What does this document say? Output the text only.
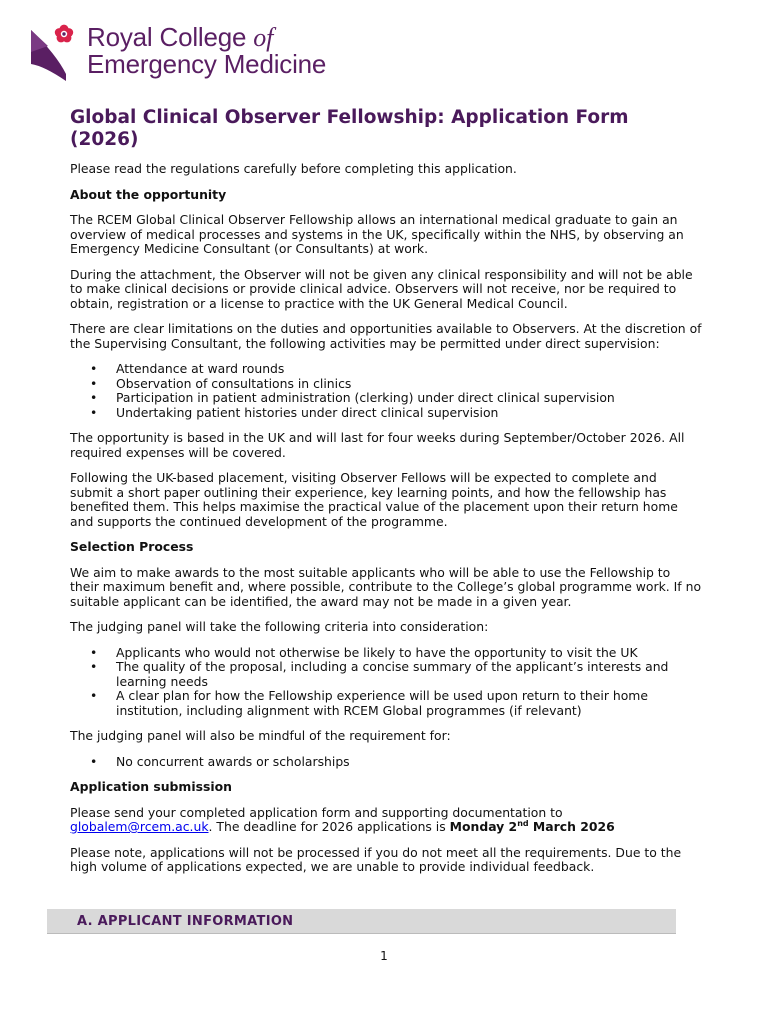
Royal College of
Emergency Medicine
Global Clinical Observer Fellowship: Application Form (2026)

Please read the regulations carefully before completing this application.

About the opportunity

The RCEM Global Clinical Observer Fellowship allows an international medical graduate to gain an overview of medical processes and systems in the UK, specifically within the NHS, by observing an Emergency Medicine Consultant (or Consultants) at work.

During the attachment, the Observer will not be given any clinical responsibility and will not be able to make clinical decisions or provide clinical advice. Observers will not receive, nor be required to obtain, registration or a license to practice with the UK General Medical Council.

There are clear limitations on the duties and opportunities available to Observers. At the discretion of the Supervising Consultant, the following activities may be permitted under direct supervision:

• Attendance at ward rounds
• Observation of consultations in clinics
• Participation in patient administration (clerking) under direct clinical supervision
• Undertaking patient histories under direct clinical supervision

The opportunity is based in the UK and will last for four weeks during September/October 2026. All required expenses will be covered.

Following the UK-based placement, visiting Observer Fellows will be expected to complete and submit a short paper outlining their experience, key learning points, and how the fellowship has benefited them. This helps maximise the practical value of the placement upon their return home and supports the continued development of the programme.

Selection Process

We aim to make awards to the most suitable applicants who will be able to use the Fellowship to their maximum benefit and, where possible, contribute to the College’s global programme work. If no suitable applicant can be identified, the award may not be made in a given year.

The judging panel will take the following criteria into consideration:

• Applicants who would not otherwise be likely to have the opportunity to visit the UK
• The quality of the proposal, including a concise summary of the applicant’s interests and learning needs
• A clear plan for how the Fellowship experience will be used upon return to their home institution, including alignment with RCEM Global programmes (if relevant)

The judging panel will also be mindful of the requirement for:

• No concurrent awards or scholarships

Application submission

Please send your completed application form and supporting documentation to globalem@rcem.ac.uk. The deadline for 2026 applications is Monday 2nd March 2026

Please note, applications will not be processed if you do not meet all the requirements. Due to the high volume of applications expected, we are unable to provide individual feedback.

A. APPLICANT INFORMATION
1
